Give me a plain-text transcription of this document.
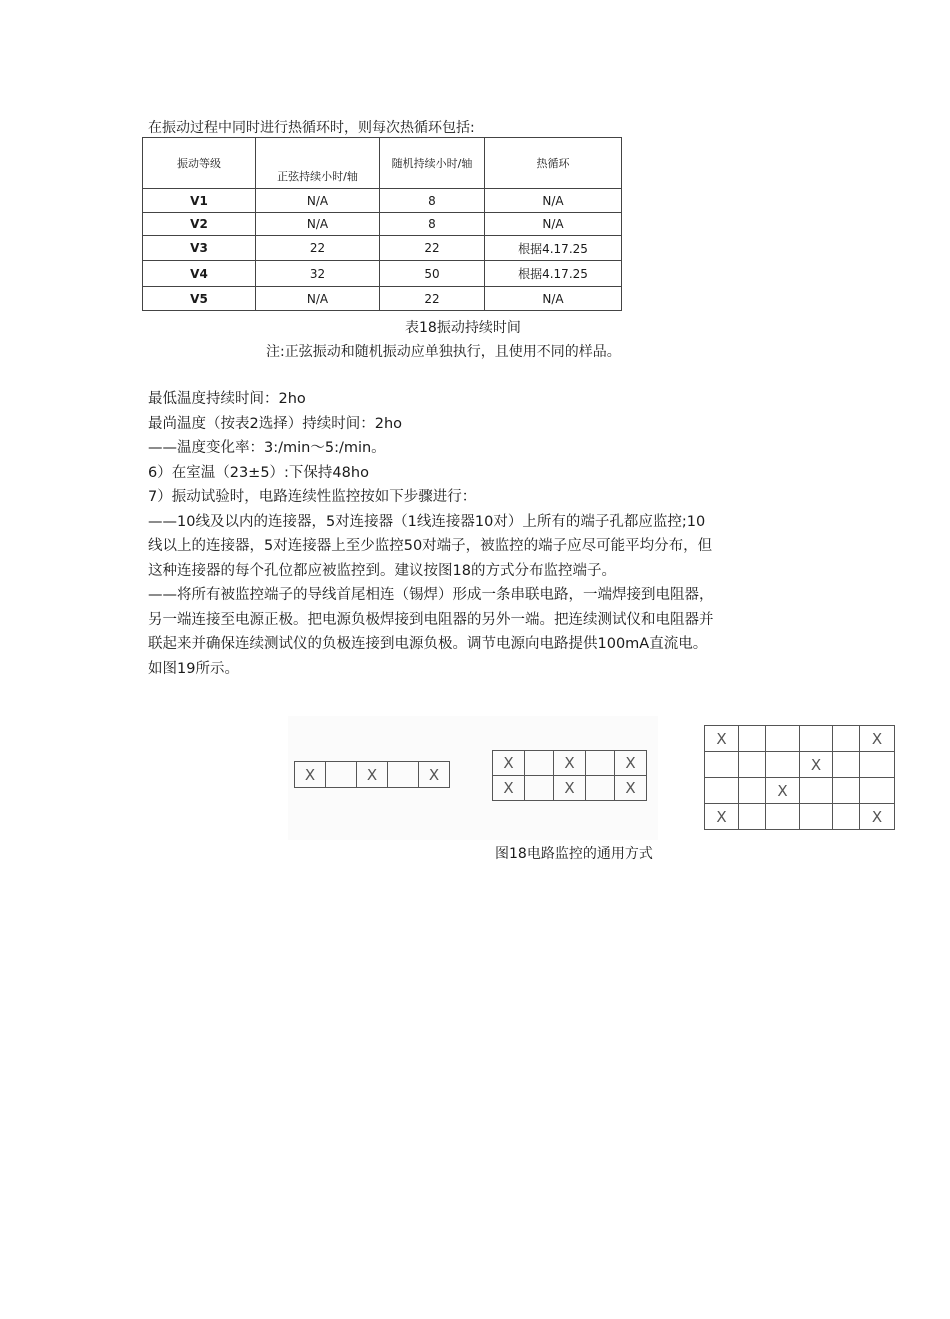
在振动过程中同时进行热循环时，则每次热循环包括:
振动等级	正弦持续小时/轴	随机持续小时/轴	热循环
V1	N/A	8	N/A
V2	N/A	8	N/A
V3	22	22	根据4.17.25
V4	32	50	根据4.17.25
V5	N/A	22	N/A
表18振动持续时间
注:正弦振动和随机振动应单独执行，且使用不同的样品。

最低温度持续时间：2ho

最尚温度（按表2选择）持续时间：2ho

——温度变化率：3:/min〜5:/min。

6）在室温（23±5）:下保持48ho

7）振动试验时，电路连续性监控按如下步骤进行：

——10线及以内的连接器，5对连接器（1线连接器10对）上所有的端子孔都应监控;10

线以上的连接器，5对连接器上至少监控50对端子，被监控的端子应尽可能平均分布，但

这种连接器的每个孔位都应被监控到。建议按图18的方式分布监控端子。

——将所有被监控端子的导线首尾相连（锡焊）形成一条串联电路，一端焊接到电阻器，

另一端连接至电源正极。把电源负极焊接到电阻器的另外一端。把连续测试仪和电阻器并

联起来并确保连续测试仪的负极连接到电源负极。调节电源向电路提供100mA直流电。

如图19所示。

X		X		X
X		X		X
X		X		X
X					X
			X		
		X			
X					X
图18电路监控的通用方式
